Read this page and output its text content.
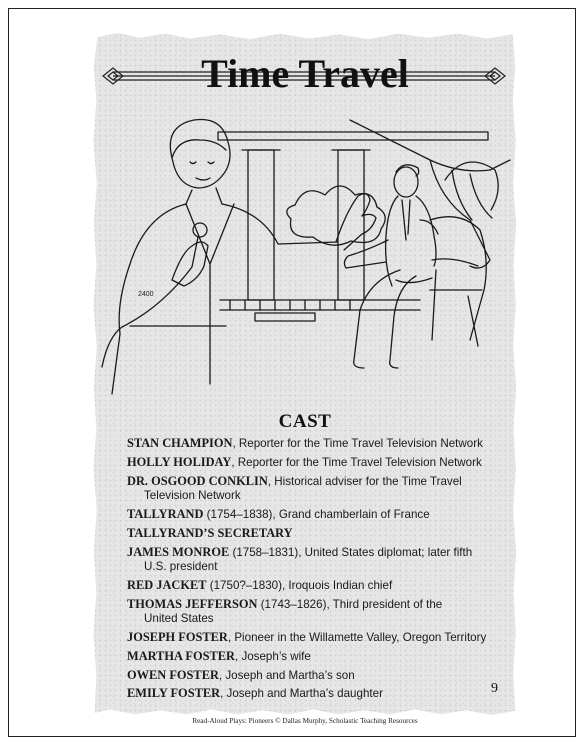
Time Travel
2400
CAST
STAN CHAMPION, Reporter for the Time Travel Television Network
HOLLY HOLIDAY, Reporter for the Time Travel Television Network
DR. OSGOOD CONKLIN, Historical adviser for the Time Travel
Television Network
TALLYRAND (1754–1838), Grand chamberlain of France
TALLYRAND’S SECRETARY
JAMES MONROE (1758–1831), United States diplomat; later fifth
U.S. president
RED JACKET (1750?–1830), Iroquois Indian chief
THOMAS JEFFERSON (1743–1826), Third president of the
United States
JOSEPH FOSTER, Pioneer in the Willamette Valley, Oregon Territory
MARTHA FOSTER, Joseph’s wife
OWEN FOSTER, Joseph and Martha’s son
EMILY FOSTER, Joseph and Martha’s daughter	9
Read-Aloud Plays: Pioneers © Dallas Murphy, Scholastic Teaching Resources
